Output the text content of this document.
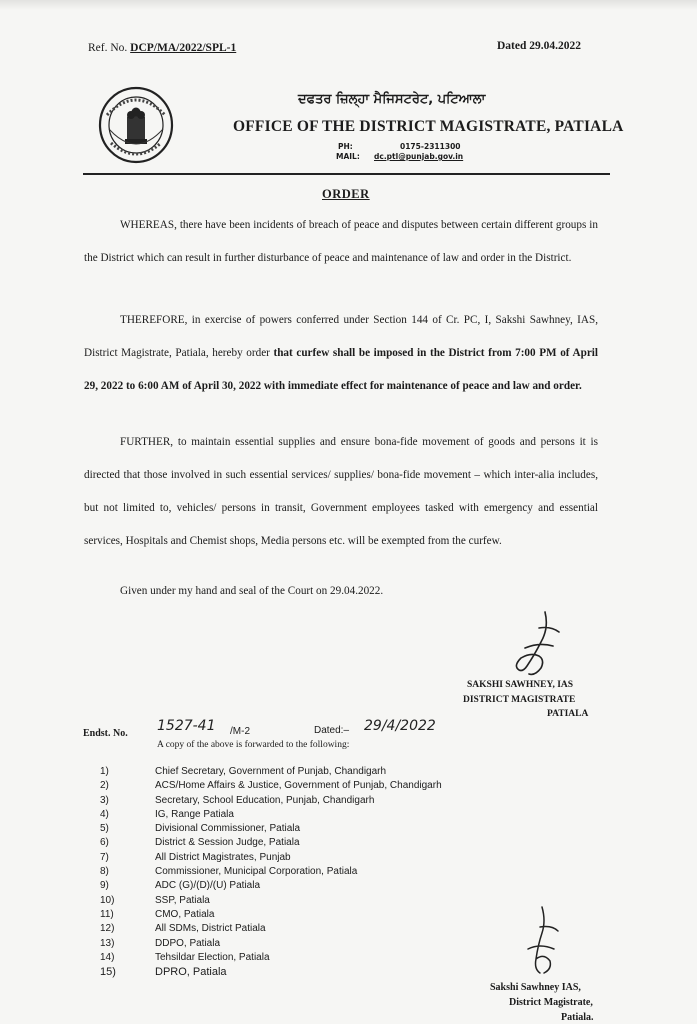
Ref. No. DCP/MA/2022/SPL-1	Dated 29.04.2022
ਦਫਤਰ ਜ਼ਿਲ੍ਹਾ ਮੈਜਿਸਟਰੇਟ, ਪਟਿਆਲਾ
OFFICE OF THE DISTRICT MAGISTRATE, PATIALA
PH:	0175-2311300
MAIL: dc.ptl@punjab.gov.in
ORDER
WHEREAS, there have been incidents of breach of peace and disputes between certain different groups in the District which can result in further disturbance of peace and maintenance of law and order in the District.
THEREFORE, in exercise of powers conferred under Section 144 of Cr. PC, I, Sakshi Sawhney, IAS, District Magistrate, Patiala, hereby order that curfew shall be imposed in the District from 7:00 PM of April 29, 2022 to 6:00 AM of April 30, 2022 with immediate effect for maintenance of peace and law and order.
FURTHER, to maintain essential supplies and ensure bona-fide movement of goods and persons it is directed that those involved in such essential services/ supplies/ bona-fide movement – which inter-alia includes, but not limited to, vehicles/ persons in transit, Government employees tasked with emergency and essential services, Hospitals and Chemist shops, Media persons etc. will be exempted from the curfew.
Given under my hand and seal of the Court on 29.04.2022.
SAKSHI SAWHNEY, IAS
DISTRICT MAGISTRATE
PATIALA
Endst. No. 1527-41 /M-2	Dated:– 29/4/2022
A copy of the above is forwarded to the following:
1)	Chief Secretary, Government of Punjab, Chandigarh
2)	ACS/Home Affairs & Justice, Government of Punjab, Chandigarh
3)	Secretary, School Education, Punjab, Chandigarh
4)	IG, Range Patiala
5)	Divisional Commissioner, Patiala
6)	District & Session Judge, Patiala
7)	All District Magistrates, Punjab
8)	Commissioner, Municipal Corporation, Patiala
9)	ADC (G)/(D)/(U) Patiala
10)	SSP, Patiala
11)	CMO, Patiala
12)	All SDMs, District Patiala
13)	DDPO, Patiala
14)	Tehsildar Election, Patiala
15)	DPRO, Patiala
Sakshi Sawhney IAS,
District Magistrate,
Patiala.
